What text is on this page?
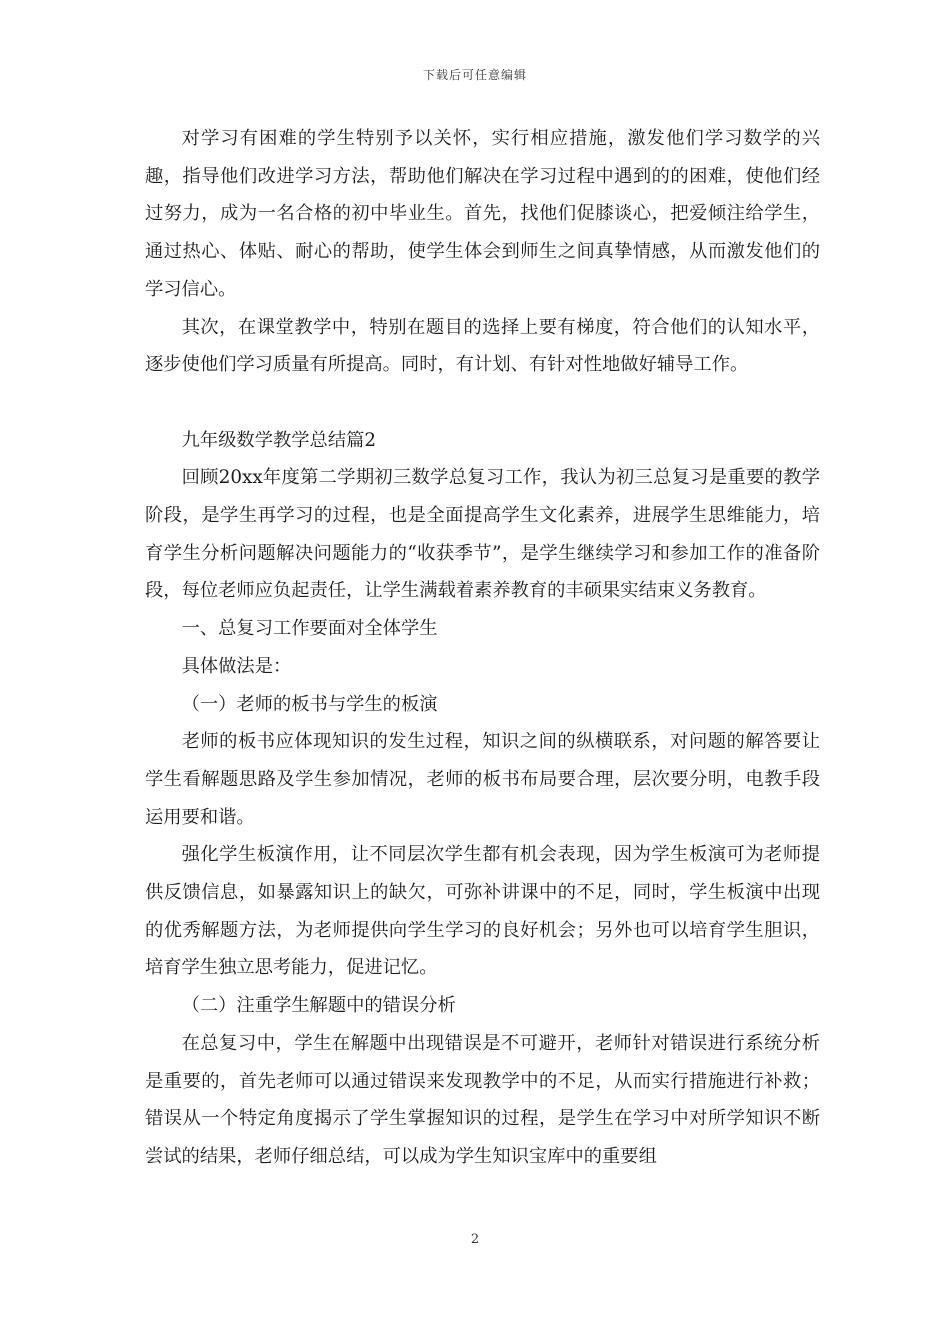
下载后可任意编辑

对学习有困难的学生特别予以关怀，实行相应措施，激发他们学习数学的兴趣，指导他们改进学习方法，帮助他们解决在学习过程中遇到的的困难，使他们经过努力，成为一名合格的初中毕业生。首先，找他们促膝谈心，把爱倾注给学生，通过热心、体贴、耐心的帮助，使学生体会到师生之间真挚情感，从而激发他们的学习信心。

其次，在课堂教学中，特别在题目的选择上要有梯度，符合他们的认知水平，逐步使他们学习质量有所提高。同时，有计划、有针对性地做好辅导工作。

九年级数学教学总结篇2

回顾20xx年度第二学期初三数学总复习工作，我认为初三总复习是重要的教学阶段，是学生再学习的过程，也是全面提高学生文化素养，进展学生思维能力，培育学生分析问题解决问题能力的“收获季节”，是学生继续学习和参加工作的准备阶段，每位老师应负起责任，让学生满载着素养教育的丰硕果实结束义务教育。

一、总复习工作要面对全体学生

具体做法是：

（一）老师的板书与学生的板演

老师的板书应体现知识的发生过程，知识之间的纵横联系，对问题的解答要让学生看解题思路及学生参加情况，老师的板书布局要合理，层次要分明，电教手段运用要和谐。

强化学生板演作用，让不同层次学生都有机会表现，因为学生板演可为老师提供反馈信息，如暴露知识上的缺欠，可弥补讲课中的不足，同时，学生板演中出现的优秀解题方法，为老师提供向学生学习的良好机会；另外也可以培育学生胆识，培育学生独立思考能力，促进记忆。

（二）注重学生解题中的错误分析

在总复习中，学生在解题中出现错误是不可避开，老师针对错误进行系统分析是重要的，首先老师可以通过错误来发现教学中的不足，从而实行措施进行补救；错误从一个特定角度揭示了学生掌握知识的过程，是学生在学习中对所学知识不断尝试的结果，老师仔细总结，可以成为学生知识宝库中的重要组

2
